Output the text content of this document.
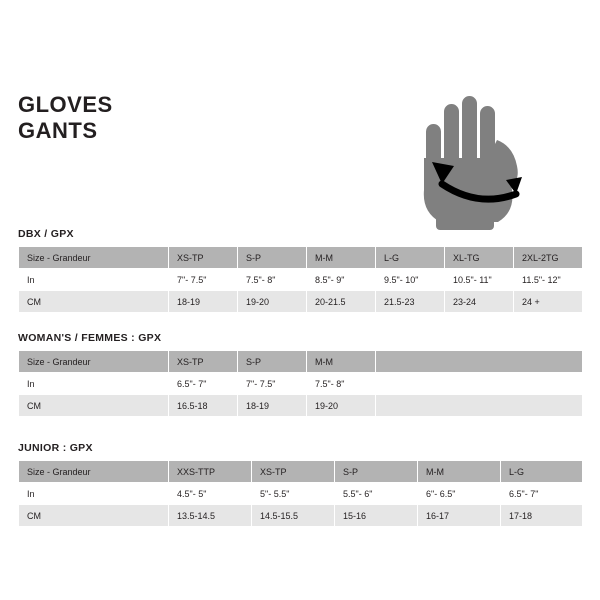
GLOVES
GANTS
DBX / GPX
Size - Grandeur	XS-TP	S-P	M-M	L-G	XL-TG	2XL-2TG
In	7"- 7.5"	7.5"- 8"	8.5"- 9"	9.5"- 10"	10.5"- 11"	11.5"- 12"
CM	18-19	19-20	20-21.5	21.5-23	23-24	24 +
WOMAN'S / FEMMES : GPX
Size - Grandeur	XS-TP	S-P	M-M	
In	6.5"- 7"	7"- 7.5"	7.5"- 8"	
CM	16.5-18	18-19	19-20	
JUNIOR : GPX
Size - Grandeur	XXS-TTP	XS-TP	S-P	M-M	L-G
In	4.5"- 5"	5"- 5.5"	5.5"- 6"	6"- 6.5"	6.5"- 7"
CM	13.5-14.5	14.5-15.5	15-16	16-17	17-18
